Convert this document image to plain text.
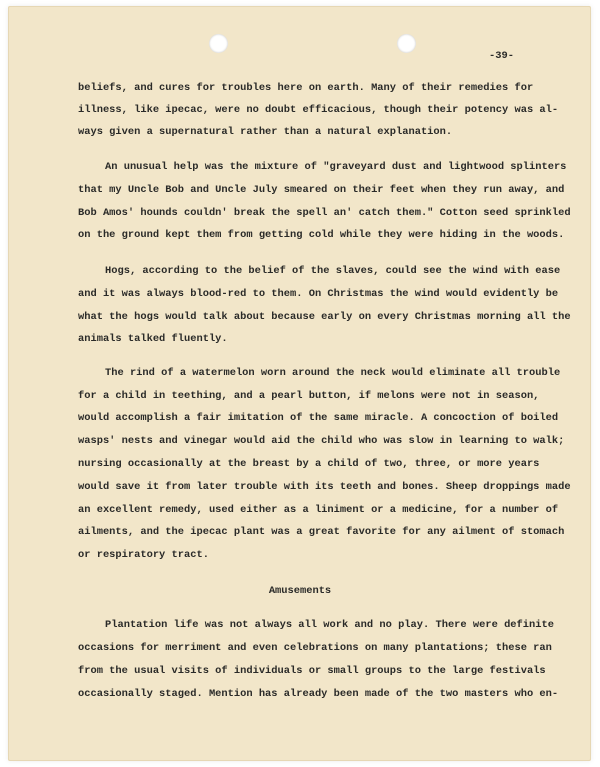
-39-
beliefs, and cures for troubles here on earth. Many of their remedies for
illness, like ipecac, were no doubt efficacious, though their potency was al-
ways given a supernatural rather than a natural explanation.
An unusual help was the mixture of "graveyard dust and lightwood splinters
that my Uncle Bob and Uncle July smeared on their feet when they run away, and
Bob Amos' hounds couldn' break the spell an' catch them." Cotton seed sprinkled
on the ground kept them from getting cold while they were hiding in the woods.
Hogs, according to the belief of the slaves, could see the wind with ease
and it was always blood-red to them. On Christmas the wind would evidently be
what the hogs would talk about because early on every Christmas morning all the
animals talked fluently.
The rind of a watermelon worn around the neck would eliminate all trouble
for a child in teething, and a pearl button, if melons were not in season,
would accomplish a fair imitation of the same miracle. A concoction of boiled
wasps' nests and vinegar would aid the child who was slow in learning to walk;
nursing occasionally at the breast by a child of two, three, or more years
would save it from later trouble with its teeth and bones. Sheep droppings made
an excellent remedy, used either as a liniment or a medicine, for a number of
ailments, and the ipecac plant was a great favorite for any ailment of stomach
or respiratory tract.
Amusements
Plantation life was not always all work and no play. There were definite
occasions for merriment and even celebrations on many plantations; these ran
from the usual visits of individuals or small groups to the large festivals
occasionally staged. Mention has already been made of the two masters who en-
